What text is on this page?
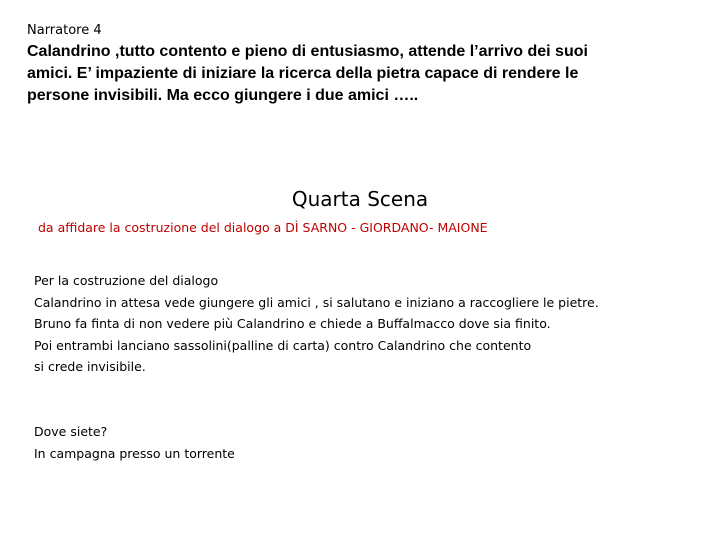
Narratore 4
Calandrino ,tutto contento e pieno di entusiasmo, attende l’arrivo dei suoi
amici. E’ impaziente di iniziare la ricerca della pietra capace di rendere le
persone invisibili. Ma ecco giungere i due amici …..
Quarta Scena
da affidare la costruzione del dialogo a DÌ SARNO - GIORDANO- MAIONE
Per la costruzione del dialogo
Calandrino in attesa vede giungere gli amici , si salutano e iniziano a raccogliere le pietre.
Bruno fa finta di non vedere più Calandrino e chiede a Buffalmacco dove sia finito.
Poi entrambi lanciano sassolini(palline di carta) contro Calandrino che contento
si crede invisibile.
Dove siete?
In campagna presso un torrente
